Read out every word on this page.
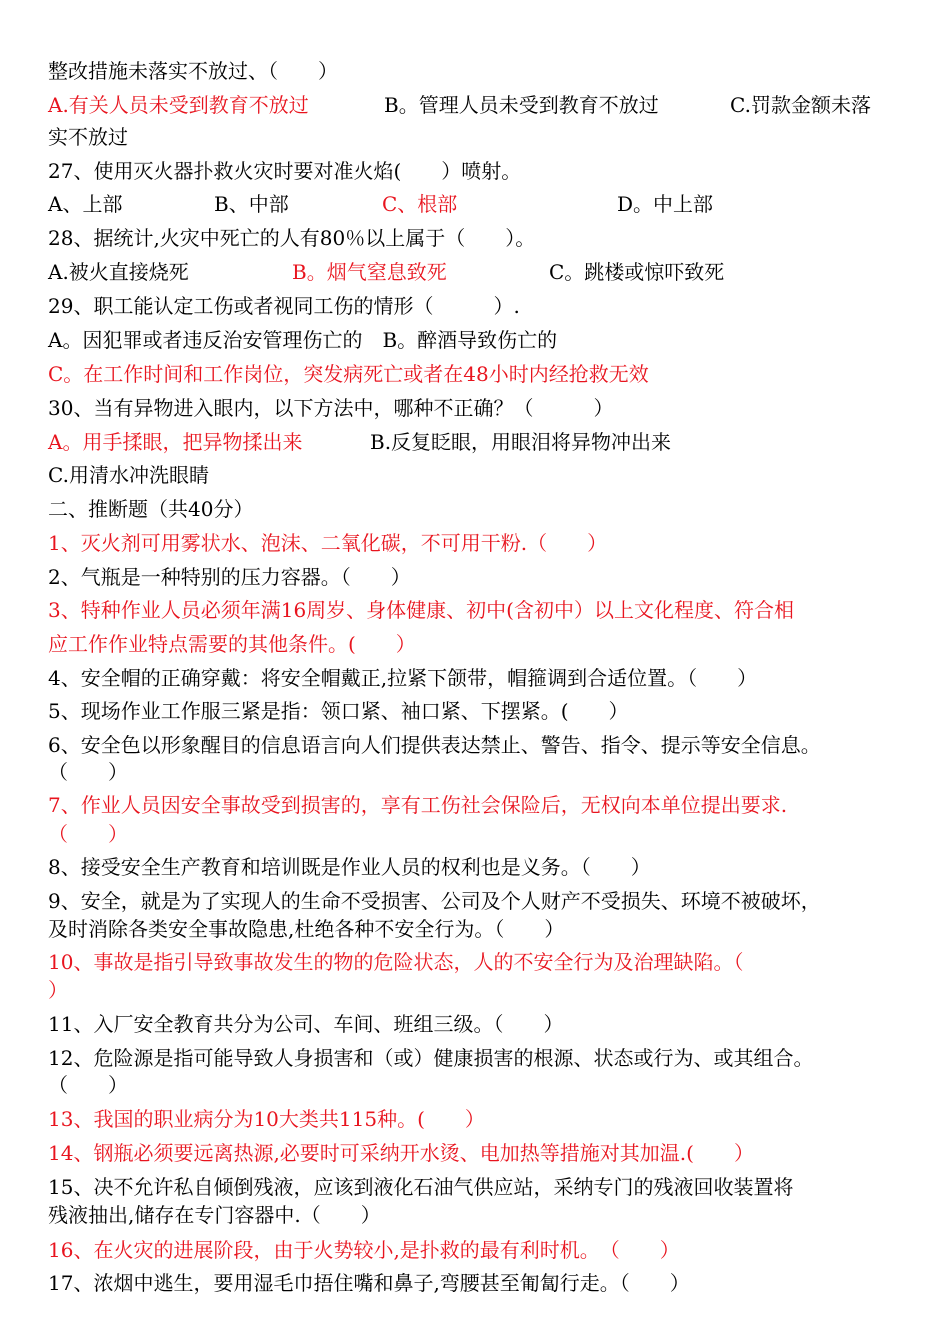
整改措施未落实不放过、（　　）
A.有关人员未受到教育不放过	B。管理人员未受到教育不放过	C.罚款金额未落
实不放过
27、使用灭火器扑救火灾时要对准火焰(　　）喷射。
A、上部	B、中部	C、根部	D。中上部
28、据统计,火灾中死亡的人有80％以上属于（　　）。
A.被火直接烧死	B。烟气窒息致死	C。跳楼或惊吓致死
29、职工能认定工伤或者视同工伤的情形（　　　）.
A。因犯罪或者违反治安管理伤亡的　B。醉酒导致伤亡的
C。在工作时间和工作岗位，突发病死亡或者在48小时内经抢救无效
30、当有异物进入眼内，以下方法中，哪种不正确？（　　　）
A。用手揉眼，把异物揉出来	B.反复眨眼，用眼泪将异物冲出来
C.用清水冲洗眼睛
二、推断题（共40分）
1、灭火剂可用雾状水、泡沫、二氧化碳，不可用干粉.（　　）
2、气瓶是一种特别的压力容器。（　　）
3、特种作业人员必须年满16周岁、身体健康、初中(含初中）以上文化程度、符合相
应工作作业特点需要的其他条件。(　　）
4、安全帽的正确穿戴：将安全帽戴正,拉紧下颌带，帽箍调到合适位置。（　　）
5、现场作业工作服三紧是指：领口紧、袖口紧、下摆紧。(　　）
6、安全色以形象醒目的信息语言向人们提供表达禁止、警告、指令、提示等安全信息。
（　　）
7、作业人员因安全事故受到损害的，享有工伤社会保险后，无权向本单位提出要求.
（　　）
8、接受安全生产教育和培训既是作业人员的权利也是义务。（　　）
9、安全，就是为了实现人的生命不受损害、公司及个人财产不受损失、环境不被破坏，
及时消除各类安全事故隐患,杜绝各种不安全行为。（　　）
10、事故是指引导致事故发生的物的危险状态，人的不安全行为及治理缺陷。（
）
11、入厂安全教育共分为公司、车间、班组三级。（　　）
12、危险源是指可能导致人身损害和（或）健康损害的根源、状态或行为、或其组合。
（　　）
13、我国的职业病分为10大类共115种。(　　）
14、钢瓶必须要远离热源,必要时可采纳开水烫、电加热等措施对其加温.(　　）
15、决不允许私自倾倒残液，应该到液化石油气供应站，采纳专门的残液回收装置将
残液抽出,储存在专门容器中.（　　）
16、在火灾的进展阶段，由于火势较小,是扑救的最有利时机。　（　　）
17、浓烟中逃生，要用湿毛巾捂住嘴和鼻子,弯腰甚至匍匐行走。（　　）
